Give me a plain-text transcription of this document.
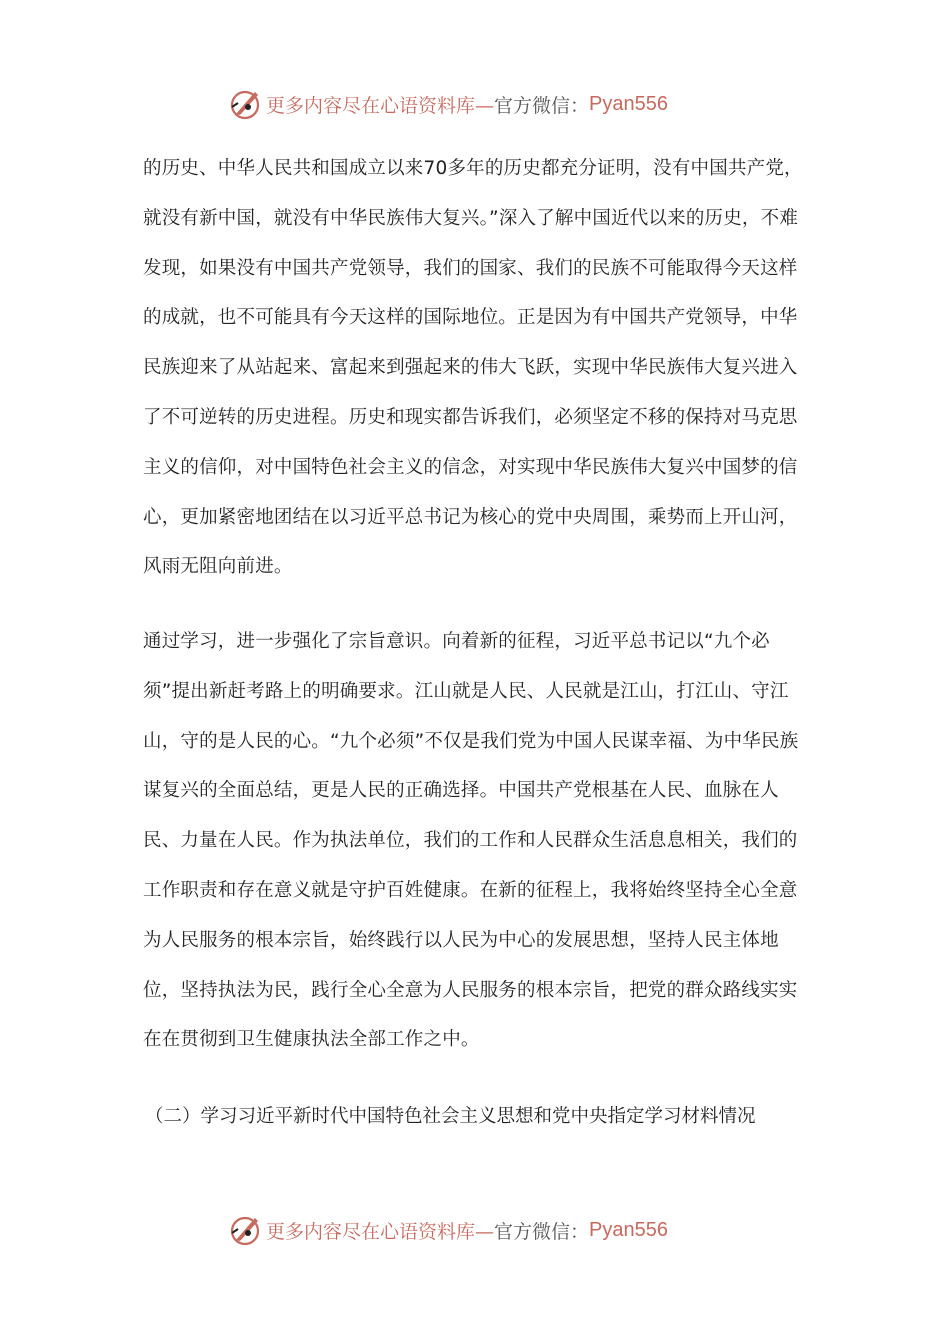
更多内容尽在心语资料库— 官方微信： Pyan556

的历史、中华人民共和国成立以来70多年的历史都充分证明，没有中国共产党，就没有新中国，就没有中华民族伟大复兴。”深入了解中国近代以来的历史，不难发现，如果没有中国共产党领导，我们的国家、我们的民族不可能取得今天这样的成就，也不可能具有今天这样的国际地位。正是因为有中国共产党领导，中华民族迎来了从站起来、富起来到强起来的伟大飞跃，实现中华民族伟大复兴进入了不可逆转的历史进程。历史和现实都告诉我们，必须坚定不移的保持对马克思主义的信仰，对中国特色社会主义的信念，对实现中华民族伟大复兴中国梦的信心，更加紧密地团结在以习近平总书记为核心的党中央周围，乘势而上开山河，风雨无阻向前进。

通过学习，进一步强化了宗旨意识。向着新的征程，习近平总书记以“九个必须”提出新赶考路上的明确要求。江山就是人民、人民就是江山，打江山、守江山，守的是人民的心。“九个必须”不仅是我们党为中国人民谋幸福、为中华民族谋复兴的全面总结，更是人民的正确选择。中国共产党根基在人民、血脉在人民、力量在人民。作为执法单位，我们的工作和人民群众生活息息相关，我们的工作职责和存在意义就是守护百姓健康。在新的征程上，我将始终坚持全心全意为人民服务的根本宗旨，始终践行以人民为中心的发展思想，坚持人民主体地位，坚持执法为民，践行全心全意为人民服务的根本宗旨，把党的群众路线实实在在贯彻到卫生健康执法全部工作之中。

（二）学习习近平新时代中国特色社会主义思想和党中央指定学习材料情况
更多内容尽在心语资料库— 官方微信： Pyan556
